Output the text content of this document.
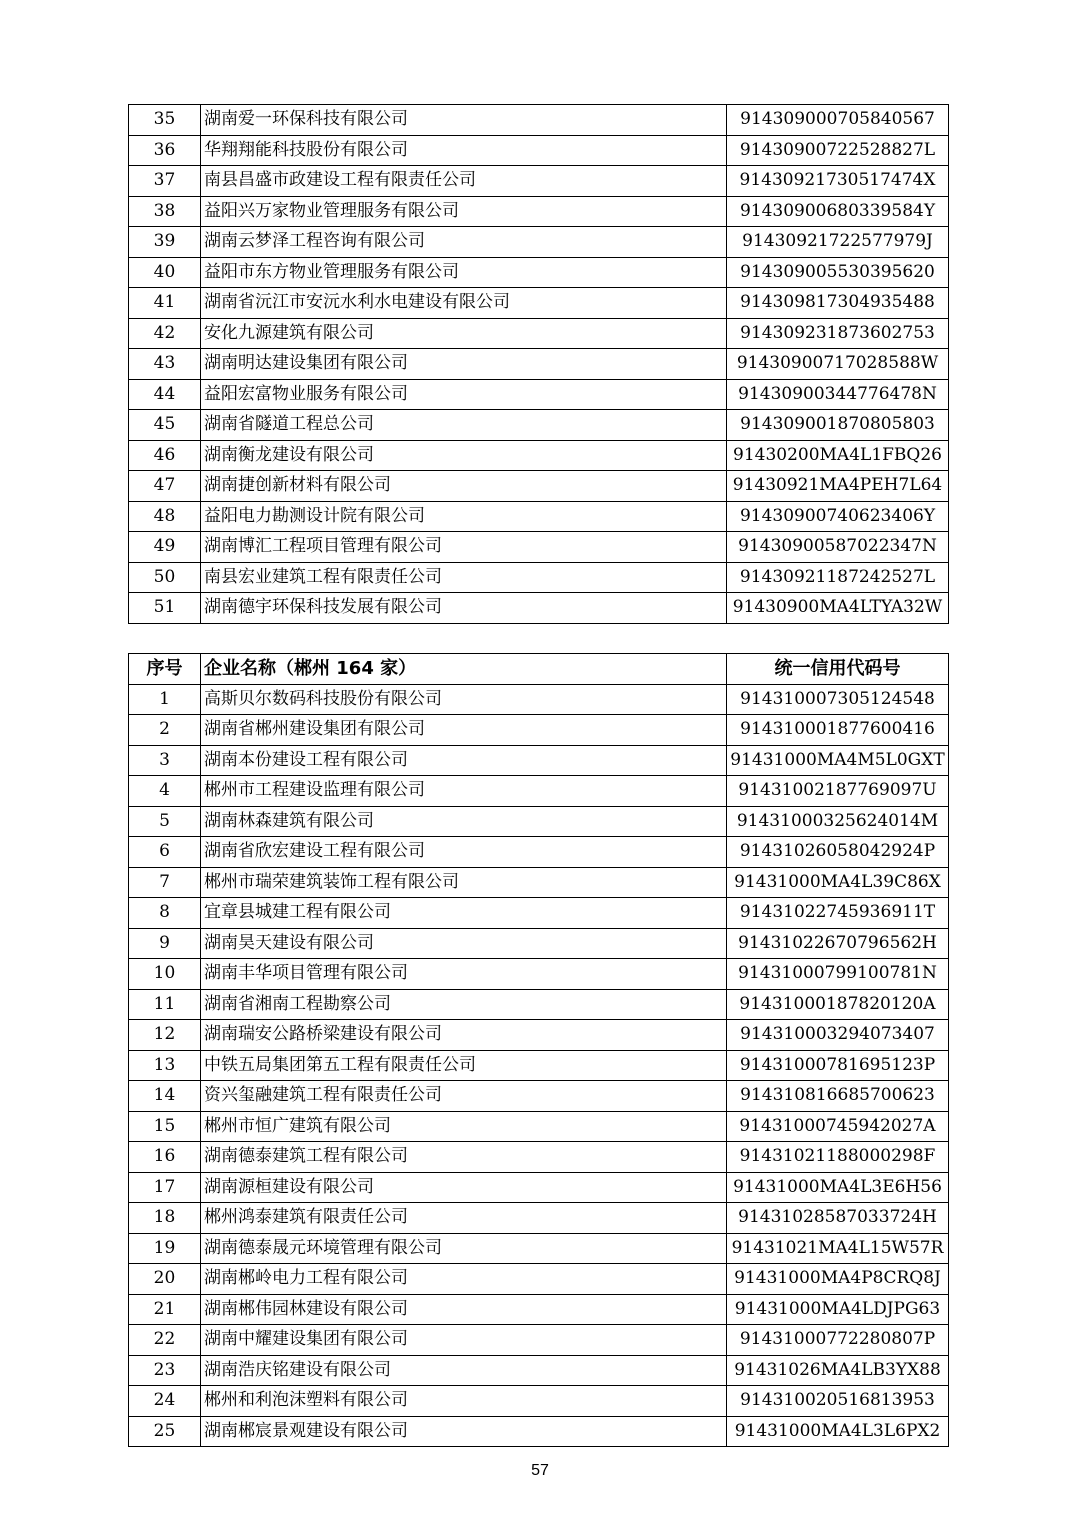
35	湖南爱一环保科技有限公司	914309000705840567
36	华翔翔能科技股份有限公司	91430900722528827L
37	南县昌盛市政建设工程有限责任公司	91430921730517474X
38	益阳兴万家物业管理服务有限公司	91430900680339584Y
39	湖南云梦泽工程咨询有限公司	91430921722577979J
40	益阳市东方物业管理服务有限公司	914309005530395620
41	湖南省沅江市安沅水利水电建设有限公司	914309817304935488
42	安化九源建筑有限公司	914309231873602753
43	湖南明达建设集团有限公司	91430900717028588W
44	益阳宏富物业服务有限公司	91430900344776478N
45	湖南省隧道工程总公司	914309001870805803
46	湖南衡龙建设有限公司	91430200MA4L1FBQ26
47	湖南捷创新材料有限公司	91430921MA4PEH7L64
48	益阳电力勘测设计院有限公司	91430900740623406Y
49	湖南博汇工程项目管理有限公司	91430900587022347N
50	南县宏业建筑工程有限责任公司	91430921187242527L
51	湖南德宇环保科技发展有限公司	91430900MA4LTYA32W
序号	企业名称（郴州 164 家）	统一信用代码号
1	高斯贝尔数码科技股份有限公司	914310007305124548
2	湖南省郴州建设集团有限公司	914310001877600416
3	湖南本份建设工程有限公司	91431000MA4M5L0GXT
4	郴州市工程建设监理有限公司	91431002187769097U
5	湖南林森建筑有限公司	91431000325624014M
6	湖南省欣宏建设工程有限公司	91431026058042924P
7	郴州市瑞荣建筑装饰工程有限公司	91431000MA4L39C86X
8	宜章县城建工程有限公司	91431022745936911T
9	湖南昊天建设有限公司	91431022670796562H
10	湖南丰华项目管理有限公司	91431000799100781N
11	湖南省湘南工程勘察公司	91431000187820120A
12	湖南瑞安公路桥梁建设有限公司	914310003294073407
13	中铁五局集团第五工程有限责任公司	91431000781695123P
14	资兴玺融建筑工程有限责任公司	914310816685700623
15	郴州市恒广建筑有限公司	91431000745942027A
16	湖南德泰建筑工程有限公司	91431021188000298F
17	湖南源桓建设有限公司	91431000MA4L3E6H56
18	郴州鸿泰建筑有限责任公司	91431028587033724H
19	湖南德泰晟元环境管理有限公司	91431021MA4L15W57R
20	湖南郴岭电力工程有限公司	91431000MA4P8CRQ8J
21	湖南郴伟园林建设有限公司	91431000MA4LDJPG63
22	湖南中耀建设集团有限公司	91431000772280807P
23	湖南浩庆铭建设有限公司	91431026MA4LB3YX88
24	郴州和利泡沫塑料有限公司	914310020516813953
25	湖南郴宸景观建设有限公司	91431000MA4L3L6PX2
57
